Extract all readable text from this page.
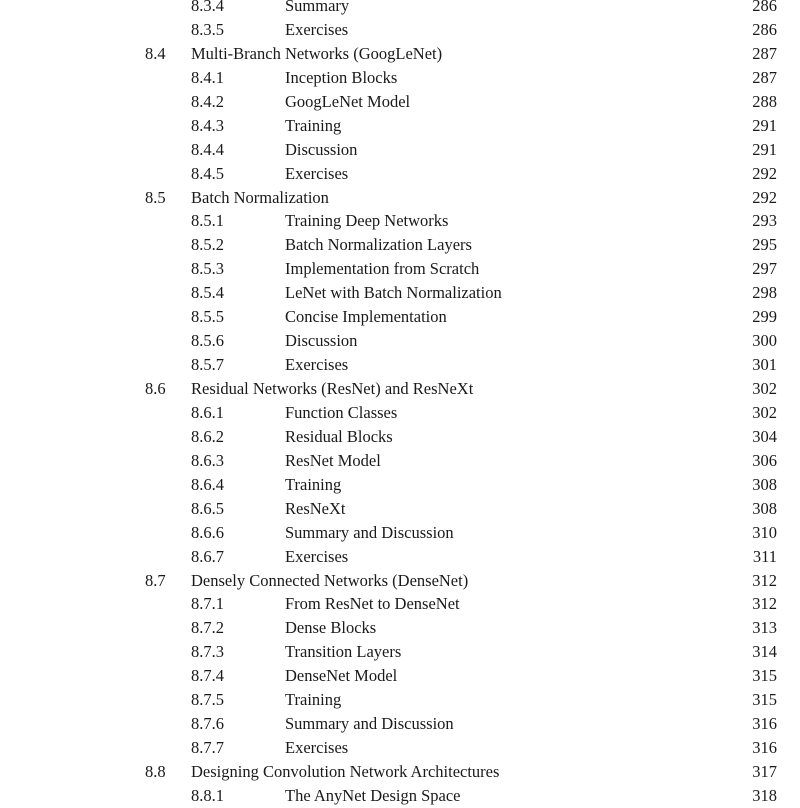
8.3.4	Summary	286
8.3.5	Exercises	286
8.4 Multi-Branch Networks (GoogLeNet)	287
8.4.1	Inception Blocks	287
8.4.2	GoogLeNet Model	288
8.4.3	Training	291
8.4.4	Discussion	291
8.4.5	Exercises	292
8.5 Batch Normalization	292
8.5.1	Training Deep Networks	293
8.5.2	Batch Normalization Layers	295
8.5.3	Implementation from Scratch	297
8.5.4	LeNet with Batch Normalization	298
8.5.5	Concise Implementation	299
8.5.6	Discussion	300
8.5.7	Exercises	301
8.6 Residual Networks (ResNet) and ResNeXt	302
8.6.1	Function Classes	302
8.6.2	Residual Blocks	304
8.6.3	ResNet Model	306
8.6.4	Training	308
8.6.5	ResNeXt	308
8.6.6	Summary and Discussion	310
8.6.7	Exercises	311
8.7 Densely Connected Networks (DenseNet)	312
8.7.1	From ResNet to DenseNet	312
8.7.2	Dense Blocks	313
8.7.3	Transition Layers	314
8.7.4	DenseNet Model	315
8.7.5	Training	315
8.7.6	Summary and Discussion	316
8.7.7	Exercises	316
8.8 Designing Convolution Network Architectures	317
8.8.1	The AnyNet Design Space	318
